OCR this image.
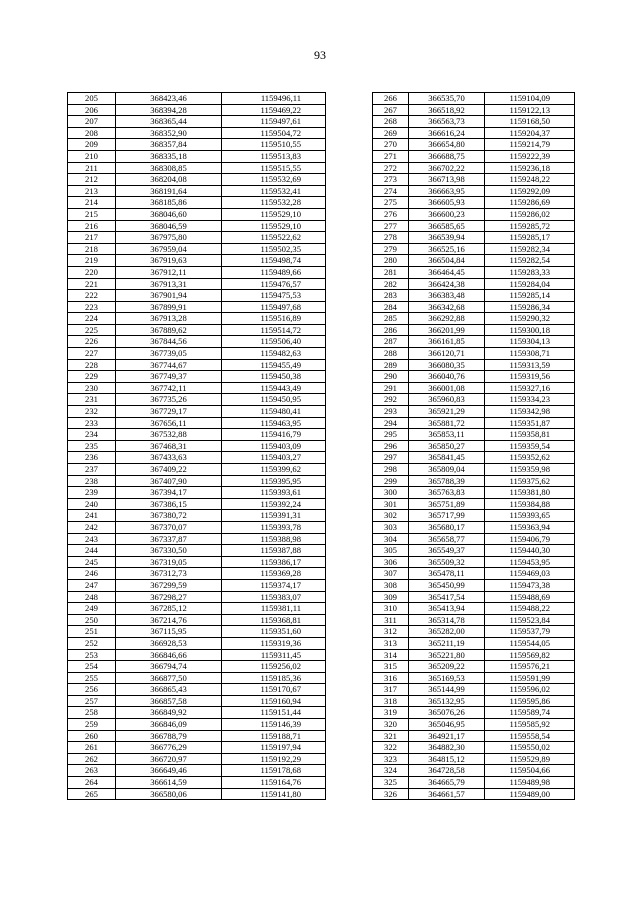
93
205	368423,46	1159496,11
206	368394,28	1159469,22
207	368365,44	1159497,61
208	368352,90	1159504,72
209	368357,84	1159510,55
210	368335,18	1159513,83
211	368308,85	1159515,55
212	368204,08	1159532,69
213	368191,64	1159532,41
214	368185,86	1159532,28
215	368046,60	1159529,10
216	368046,59	1159529,10
217	367975,80	1159522,62
218	367959,04	1159502,35
219	367919,63	1159498,74
220	367912,11	1159489,66
221	367913,31	1159476,57
222	367901,94	1159475,53
223	367899,91	1159497,68
224	367913,28	1159516,89
225	367889,62	1159514,72
226	367844,56	1159506,40
227	367739,05	1159482,63
228	367744,67	1159455,49
229	367749,37	1159450,38
230	367742,11	1159443,49
231	367735,26	1159450,95
232	367729,17	1159480,41
233	367656,11	1159463,95
234	367532,88	1159416,79
235	367468,31	1159403,09
236	367433,63	1159403,27
237	367409,22	1159399,62
238	367407,90	1159395,95
239	367394,17	1159393,61
240	367386,15	1159392,24
241	367380,72	1159391,31
242	367370,07	1159393,78
243	367337,87	1159388,98
244	367330,50	1159387,88
245	367319,05	1159386,17
246	367312,73	1159369,28
247	367299,59	1159374,17
248	367298,27	1159383,07
249	367285,12	1159381,11
250	367214,76	1159368,81
251	367115,95	1159351,60
252	366928,53	1159319,36
253	366846,66	1159311,45
254	366794,74	1159256,02
255	366877,50	1159185,36
256	366865,43	1159170,67
257	366857,58	1159160,94
258	366849,92	1159151,44
259	366846,09	1159146,39
260	366788,79	1159188,71
261	366776,29	1159197,94
262	366720,97	1159192,29
263	366649,46	1159178,68
264	366614,59	1159164,76
265	366580,06	1159141,80
266	366535,70	1159104,09
267	366518,92	1159122,13
268	366563,73	1159168,50
269	366616,24	1159204,37
270	366654,80	1159214,79
271	366688,75	1159222,39
272	366702,22	1159236,18
273	366713,98	1159248,22
274	366663,95	1159292,09
275	366605,93	1159286,69
276	366600,23	1159286,02
277	366585,65	1159285,72
278	366539,94	1159285,17
279	366525,16	1159282,34
280	366504,84	1159282,54
281	366464,45	1159283,33
282	366424,38	1159284,04
283	366383,48	1159285,14
284	366342,68	1159286,34
285	366292,88	1159290,32
286	366201,99	1159300,18
287	366161,85	1159304,13
288	366120,71	1159308,71
289	366080,35	1159313,59
290	366040,76	1159319,56
291	366001,08	1159327,16
292	365960,83	1159334,23
293	365921,29	1159342,98
294	365881,72	1159351,87
295	365853,11	1159358,81
296	365850,27	1159359,54
297	365841,45	1159352,62
298	365809,04	1159359,98
299	365788,39	1159375,62
300	365763,83	1159381,80
301	365751,89	1159384,88
302	365717,99	1159393,65
303	365680,17	1159363,94
304	365658,77	1159406,79
305	365549,37	1159440,30
306	365509,32	1159453,95
307	365478,11	1159469,03
308	365450,99	1159473,38
309	365417,54	1159488,69
310	365413,94	1159488,22
311	365314,78	1159523,84
312	365282,00	1159537,79
313	365211,19	1159544,05
314	365221,80	1159569,82
315	365209,22	1159576,21
316	365169,53	1159591,99
317	365144,99	1159596,02
318	365132,95	1159595,86
319	365076,26	1159589,74
320	365046,95	1159585,92
321	364921,17	1159558,54
322	364882,30	1159550,02
323	364815,12	1159529,89
324	364728,58	1159504,66
325	364665,79	1159489,98
326	364661,57	1159489,00
